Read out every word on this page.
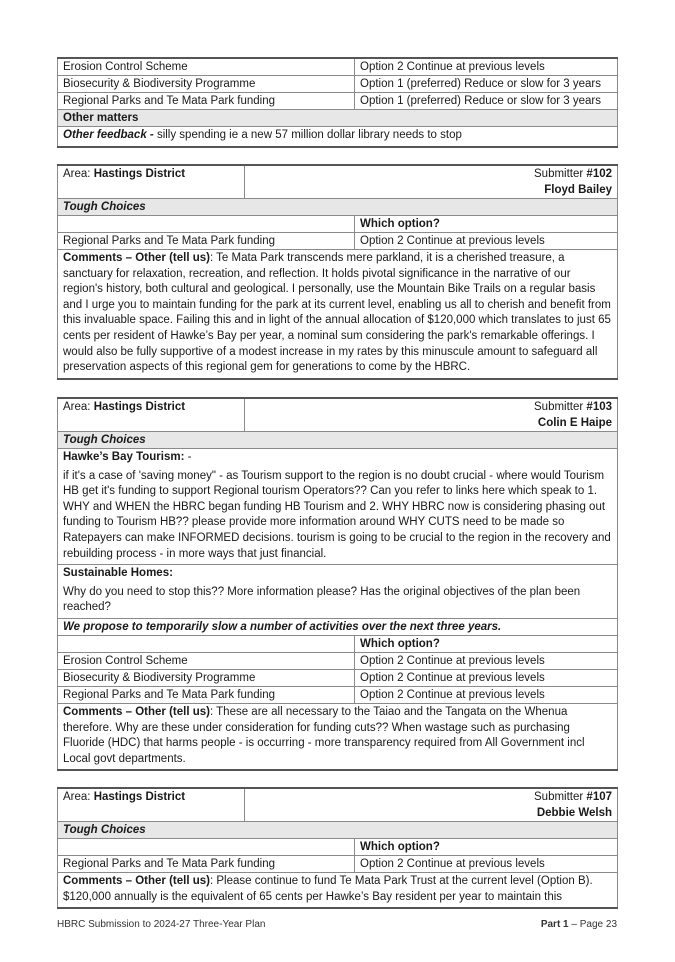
Erosion Control Scheme	Option 2 Continue at previous levels
Biosecurity & Biodiversity Programme	Option 1 (preferred) Reduce or slow for 3 years
Regional Parks and Te Mata Park funding	Option 1 (preferred) Reduce or slow for 3 years
Other matters	
Other feedback - silly spending ie a new 57 million dollar library needs to stop	
Area: Hastings District	Submitter #102
Floyd Bailey	

Tough Choices		
		Which option?
Regional Parks and Te Mata Park funding		Option 2 Continue at previous levels
Comments – Other (tell us): Te Mata Park transcends mere parkland, it is a cherished treasure, a sanctuary for relaxation, recreation, and reflection. It holds pivotal significance in the narrative of our region's history, both cultural and geological. I personally, use the Mountain Bike Trails on a regular basis and I urge you to maintain funding for the park at its current level, enabling us all to cherish and benefit from this invaluable space. Failing this and in light of the annual allocation of $120,000 which translates to just 65 cents per resident of Hawke’s Bay per year, a nominal sum considering the park's remarkable offerings. I would also be fully supportive of a modest increase in my rates by this minuscule amount to safeguard all preservation aspects of this regional gem for generations to come by the HBRC.		
Area: Hastings District	Submitter #103
Colin E Haipe	

Tough Choices		

Hawke’s Bay Tourism: -
if it's a case of 'saving money" - as Tourism support to the region is no doubt crucial - where would Tourism HB get it's funding to support Regional tourism Operators?? Can you refer to links here which speak to 1. WHY and WHEN the HBRC began funding HB Tourism and 2. WHY HBRC now is considering phasing out funding to Tourism HB?? please provide more information around WHY CUTS need to be made so Ratepayers can make INFORMED decisions. tourism is going to be crucial to the region in the recovery and rebuilding process - in more ways that just financial.		

Sustainable Homes:
Why do you need to stop this?? More information please? Has the original objectives of the plan been reached?		

We propose to temporarily slow a number of activities over the next three years.		
		Which option?
Erosion Control Scheme		Option 2 Continue at previous levels
Biosecurity & Biodiversity Programme		Option 2 Continue at previous levels
Regional Parks and Te Mata Park funding		Option 2 Continue at previous levels
Comments – Other (tell us): These are all necessary to the Taiao and the Tangata on the Whenua therefore. Why are these under consideration for funding cuts?? When wastage such as purchasing Fluoride (HDC) that harms people - is occurring - more transparency required from All Government incl Local govt departments.		
Area: Hastings District	Submitter #107
Debbie Welsh	

Tough Choices		
		Which option?
Regional Parks and Te Mata Park funding		Option 2 Continue at previous levels
Comments – Other (tell us): Please continue to fund Te Mata Park Trust at the current level (Option B). $120,000 annually is the equivalent of 65 cents per Hawke’s Bay resident per year to maintain this		
HBRC Submission to 2024-27 Three-Year Plan	Part 1 – Page 23
